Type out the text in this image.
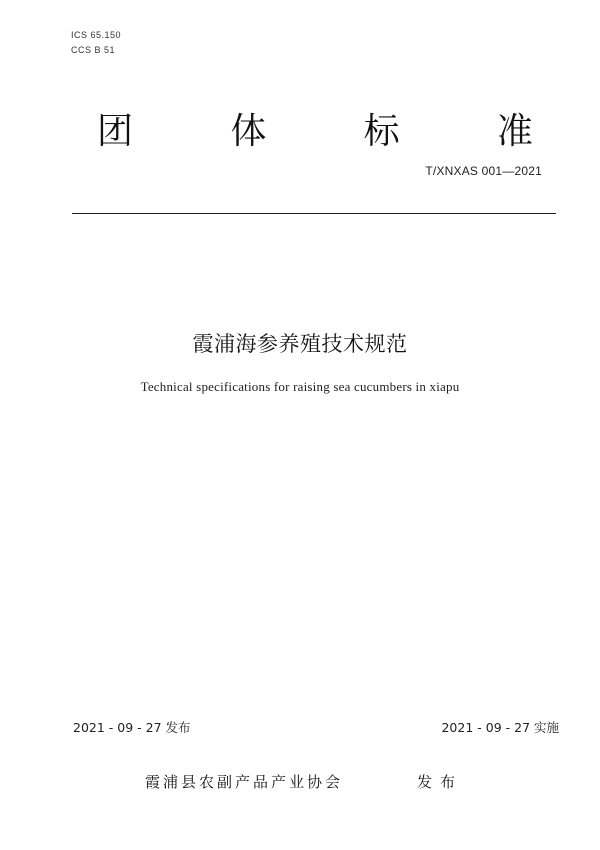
ICS 65.150
CCS B 51
团	体	标	准
T/XNXAS 001—2021
霞浦海参养殖技术规范
Technical specifications for raising sea cucumbers in xiapu
2021 - 09 - 27 发布	2021 - 09 - 27 实施
霞浦县农副产品产业协会	发布
